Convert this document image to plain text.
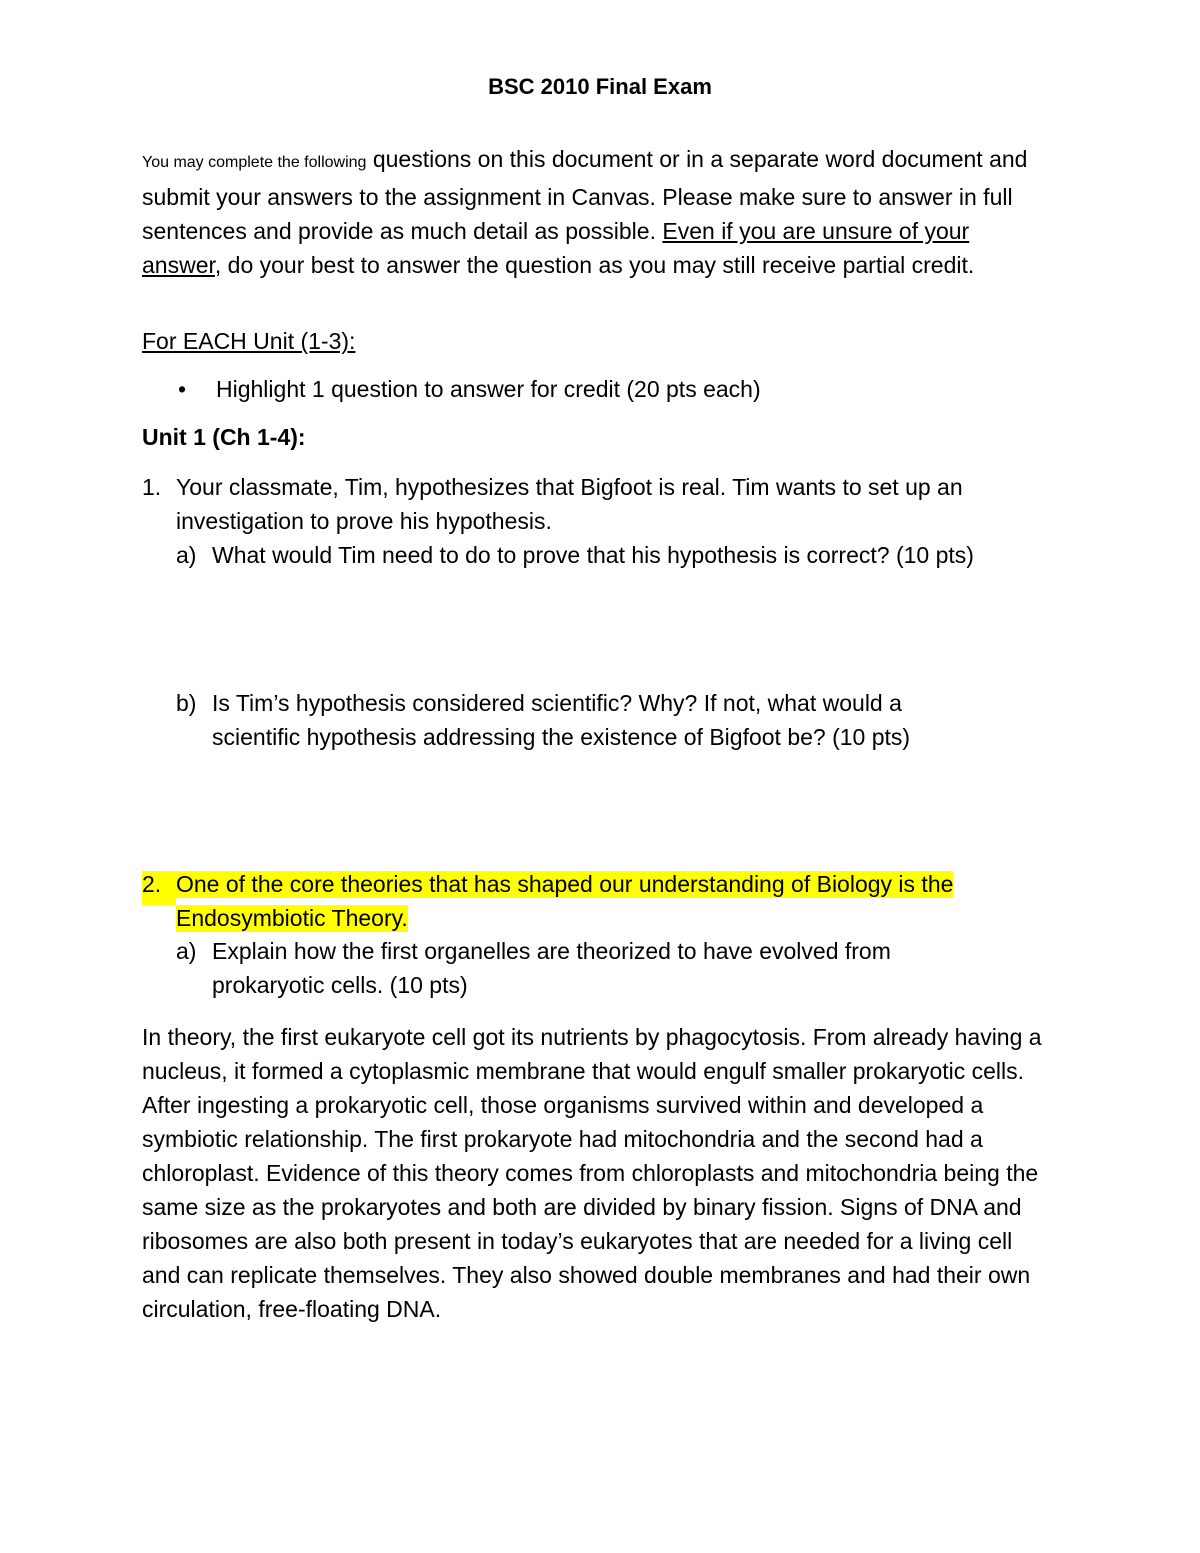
BSC 2010 Final Exam
You may complete the following questions on this document or in a separate word document and submit your answers to the assignment in Canvas. Please make sure to answer in full sentences and provide as much detail as possible. Even if you are unsure of your answer, do your best to answer the question as you may still receive partial credit.
For EACH Unit (1-3):
• Highlight 1 question to answer for credit (20 pts each)
Unit 1 (Ch 1-4):
1. Your classmate, Tim, hypothesizes that Bigfoot is real. Tim wants to set up an
investigation to prove his hypothesis.
a) What would Tim need to do to prove that his hypothesis is correct? (10 pts)
b) Is Tim’s hypothesis considered scientific? Why? If not, what would a
scientific hypothesis addressing the existence of Bigfoot be? (10 pts)
2. One of the core theories that has shaped our understanding of Biology is the
Endosymbiotic Theory.
a) Explain how the first organelles are theorized to have evolved from
prokaryotic cells. (10 pts)
In theory, the first eukaryote cell got its nutrients by phagocytosis. From already having a nucleus, it formed a cytoplasmic membrane that would engulf smaller prokaryotic cells. After ingesting a prokaryotic cell, those organisms survived within and developed a symbiotic relationship. The first prokaryote had mitochondria and the second had a chloroplast. Evidence of this theory comes from chloroplasts and mitochondria being the same size as the prokaryotes and both are divided by binary fission. Signs of DNA and ribosomes are also both present in today’s eukaryotes that are needed for a living cell and can replicate themselves. They also showed double membranes and had their own circulation, free-floating DNA.
